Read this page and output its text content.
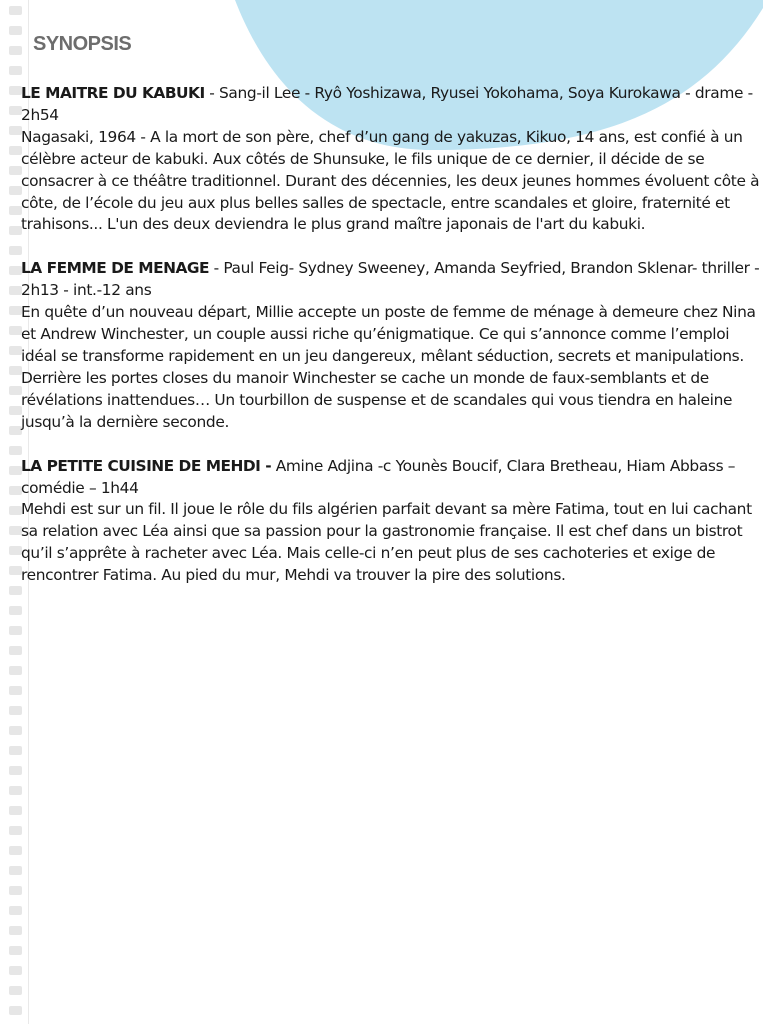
SYNOPSIS

LE MAITRE DU KABUKI - Sang-il Lee - Ryô Yoshizawa, Ryusei Yokohama, Soya Kurokawa - drame - 2h54

Nagasaki, 1964 - A la mort de son père, chef d’un gang de yakuzas, Kikuo, 14 ans, est confié à un célèbre acteur de kabuki. Aux côtés de Shunsuke, le fils unique de ce dernier, il décide de se consacrer à ce théâtre traditionnel. Durant des décennies, les deux jeunes hommes évoluent côte à côte, de l’école du jeu aux plus belles salles de spectacle, entre scandales et gloire, fraternité et trahisons... L'un des deux deviendra le plus grand maître japonais de l'art du kabuki.

LA FEMME DE MENAGE - Paul Feig- Sydney Sweeney, Amanda Seyfried, Brandon Sklenar- thriller - 2h13 - int.-12 ans

En quête d’un nouveau départ, Millie accepte un poste de femme de ménage à demeure chez Nina et Andrew Winchester, un couple aussi riche qu’énigmatique. Ce qui s’annonce comme l’emploi idéal se transforme rapidement en un jeu dangereux, mêlant séduction, secrets et manipulations. Derrière les portes closes du manoir Winchester se cache un monde de faux-semblants et de révélations inattendues… Un tourbillon de suspense et de scandales qui vous tiendra en haleine jusqu’à la dernière seconde.

LA PETITE CUISINE DE MEHDI - Amine Adjina -c Younès Boucif, Clara Bretheau, Hiam Abbass – comédie – 1h44

Mehdi est sur un fil. Il joue le rôle du fils algérien parfait devant sa mère Fatima, tout en lui cachant sa relation avec Léa ainsi que sa passion pour la gastronomie française. Il est chef dans un bistrot qu’il s’apprête à racheter avec Léa. Mais celle-ci n’en peut plus de ses cachoteries et exige de rencontrer Fatima. Au pied du mur, Mehdi va trouver la pire des solutions.
